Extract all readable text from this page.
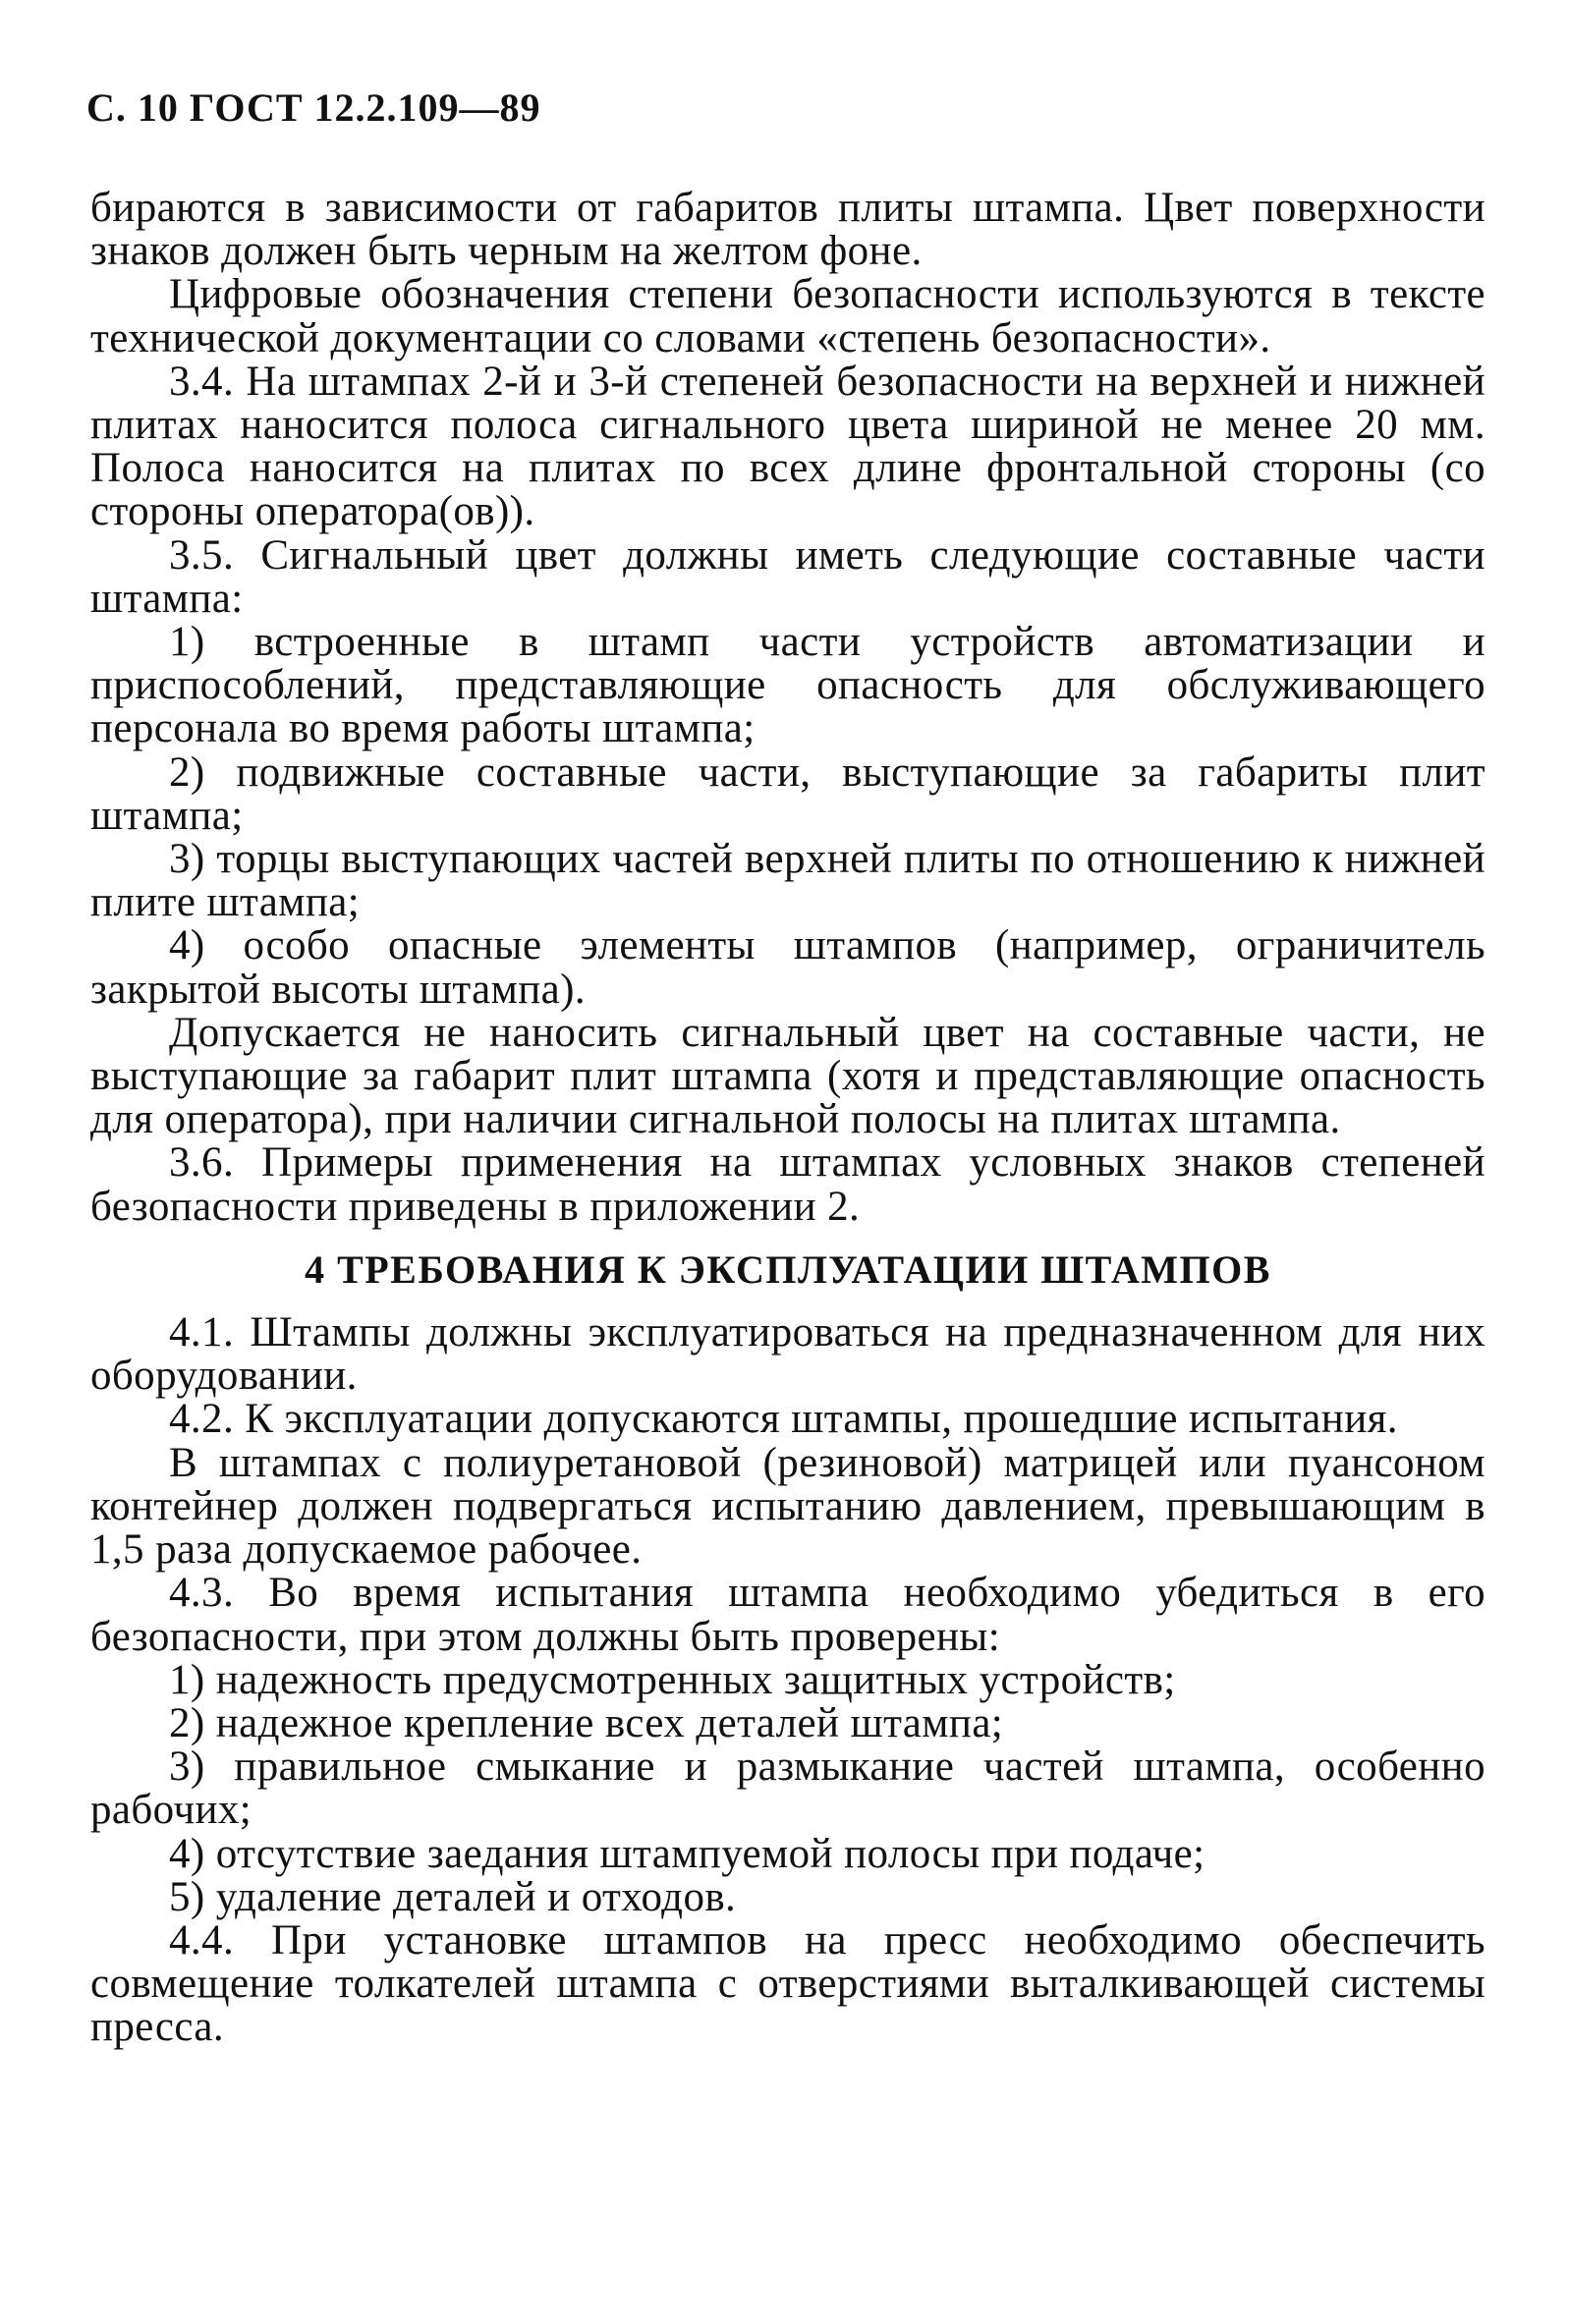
С. 10 ГОСТ 12.2.109—89

бираются в зависимости от габаритов плиты штампа. Цвет поверхности знаков должен быть черным на желтом фоне.

Цифровые обозначения степени безопасности используются в тексте технической документации со словами «степень безопасности».

3.4. На штампах 2-й и 3-й степеней безопасности на верхней и нижней плитах наносится полоса сигнального цвета шириной не менее 20 мм. Полоса наносится на плитах по всех длине фронтальной стороны (со стороны оператора(ов)).

3.5. Сигнальный цвет должны иметь следующие составные части штампа:

1) встроенные в штамп части устройств автоматизации и приспособлений, представляющие опасность для обслуживающего персонала во время работы штампа;

2) подвижные составные части, выступающие за габариты плит штампа;

3) торцы выступающих частей верхней плиты по отношению к нижней плите штампа;

4) особо опасные элементы штампов (например, ограничитель закрытой высоты штампа).

Допускается не наносить сигнальный цвет на составные части, не выступающие за габарит плит штампа (хотя и представляющие опасность для оператора), при наличии сигнальной полосы на плитах штампа.

3.6. Примеры применения на штампах условных знаков степеней безопасности приведены в приложении 2.

4 ТРЕБОВАНИЯ К ЭКСПЛУАТАЦИИ ШТАМПОВ

4.1. Штампы должны эксплуатироваться на предназначенном для них оборудовании.

4.2. К эксплуатации допускаются штампы, прошедшие испытания.

В штампах с полиуретановой (резиновой) матрицей или пуансоном контейнер должен подвергаться испытанию давлением, превышающим в 1,5 раза допускаемое рабочее.

4.3. Во время испытания штампа необходимо убедиться в его безопасности, при этом должны быть проверены:

1) надежность предусмотренных защитных устройств;

2) надежное крепление всех деталей штампа;

3) правильное смыкание и размыкание частей штампа, особенно рабочих;

4) отсутствие заедания штампуемой полосы при подаче;

5) удаление деталей и отходов.

4.4. При установке штампов на пресс необходимо обеспечить совмещение толкателей штампа с отверстиями выталкивающей системы пресса.
